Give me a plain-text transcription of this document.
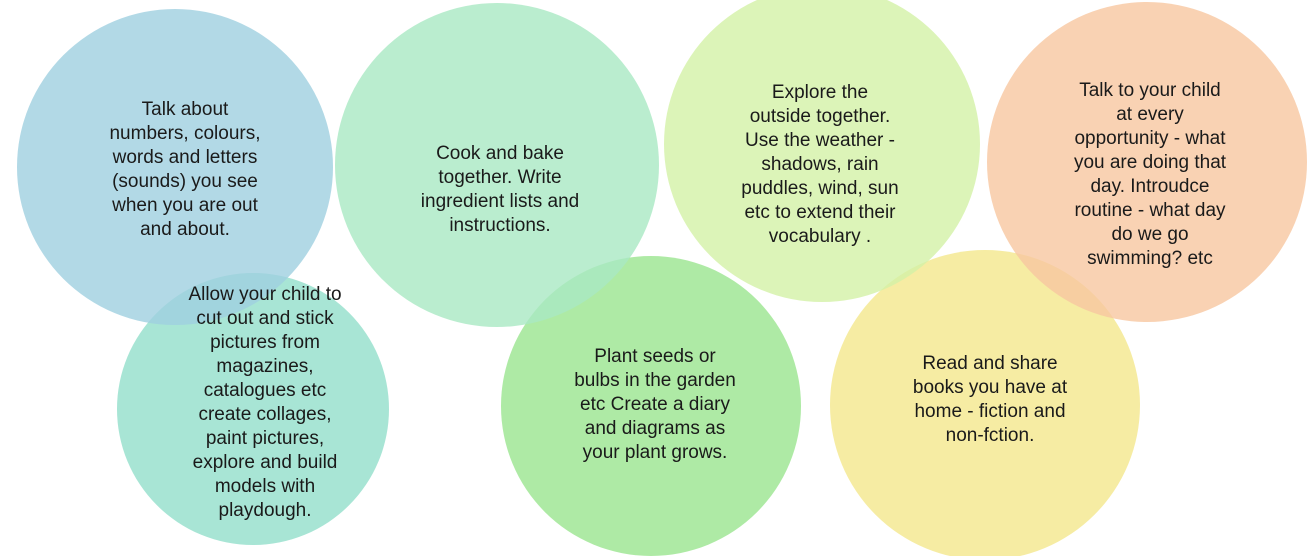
Talk about
numbers, colours,
words and letters
(sounds) you see
when you are out
and about.
Cook and bake
together. Write
ingredient lists and
instructions.
Explore the
outside together.
Use the weather -
shadows, rain
puddles, wind, sun
etc to extend their
vocabulary .
Talk to your child
at every
opportunity - what
you are doing that
day. Introudce
routine - what day
do we go
swimming? etc
Allow your child to
cut out and stick
pictures from
magazines,
catalogues etc
create collages,
paint pictures,
explore and build
models with
playdough.
Plant seeds or
bulbs in the garden
etc Create a diary
and diagrams as
your plant grows.
Read and share
books you have at
home - fiction and
non-fction.
